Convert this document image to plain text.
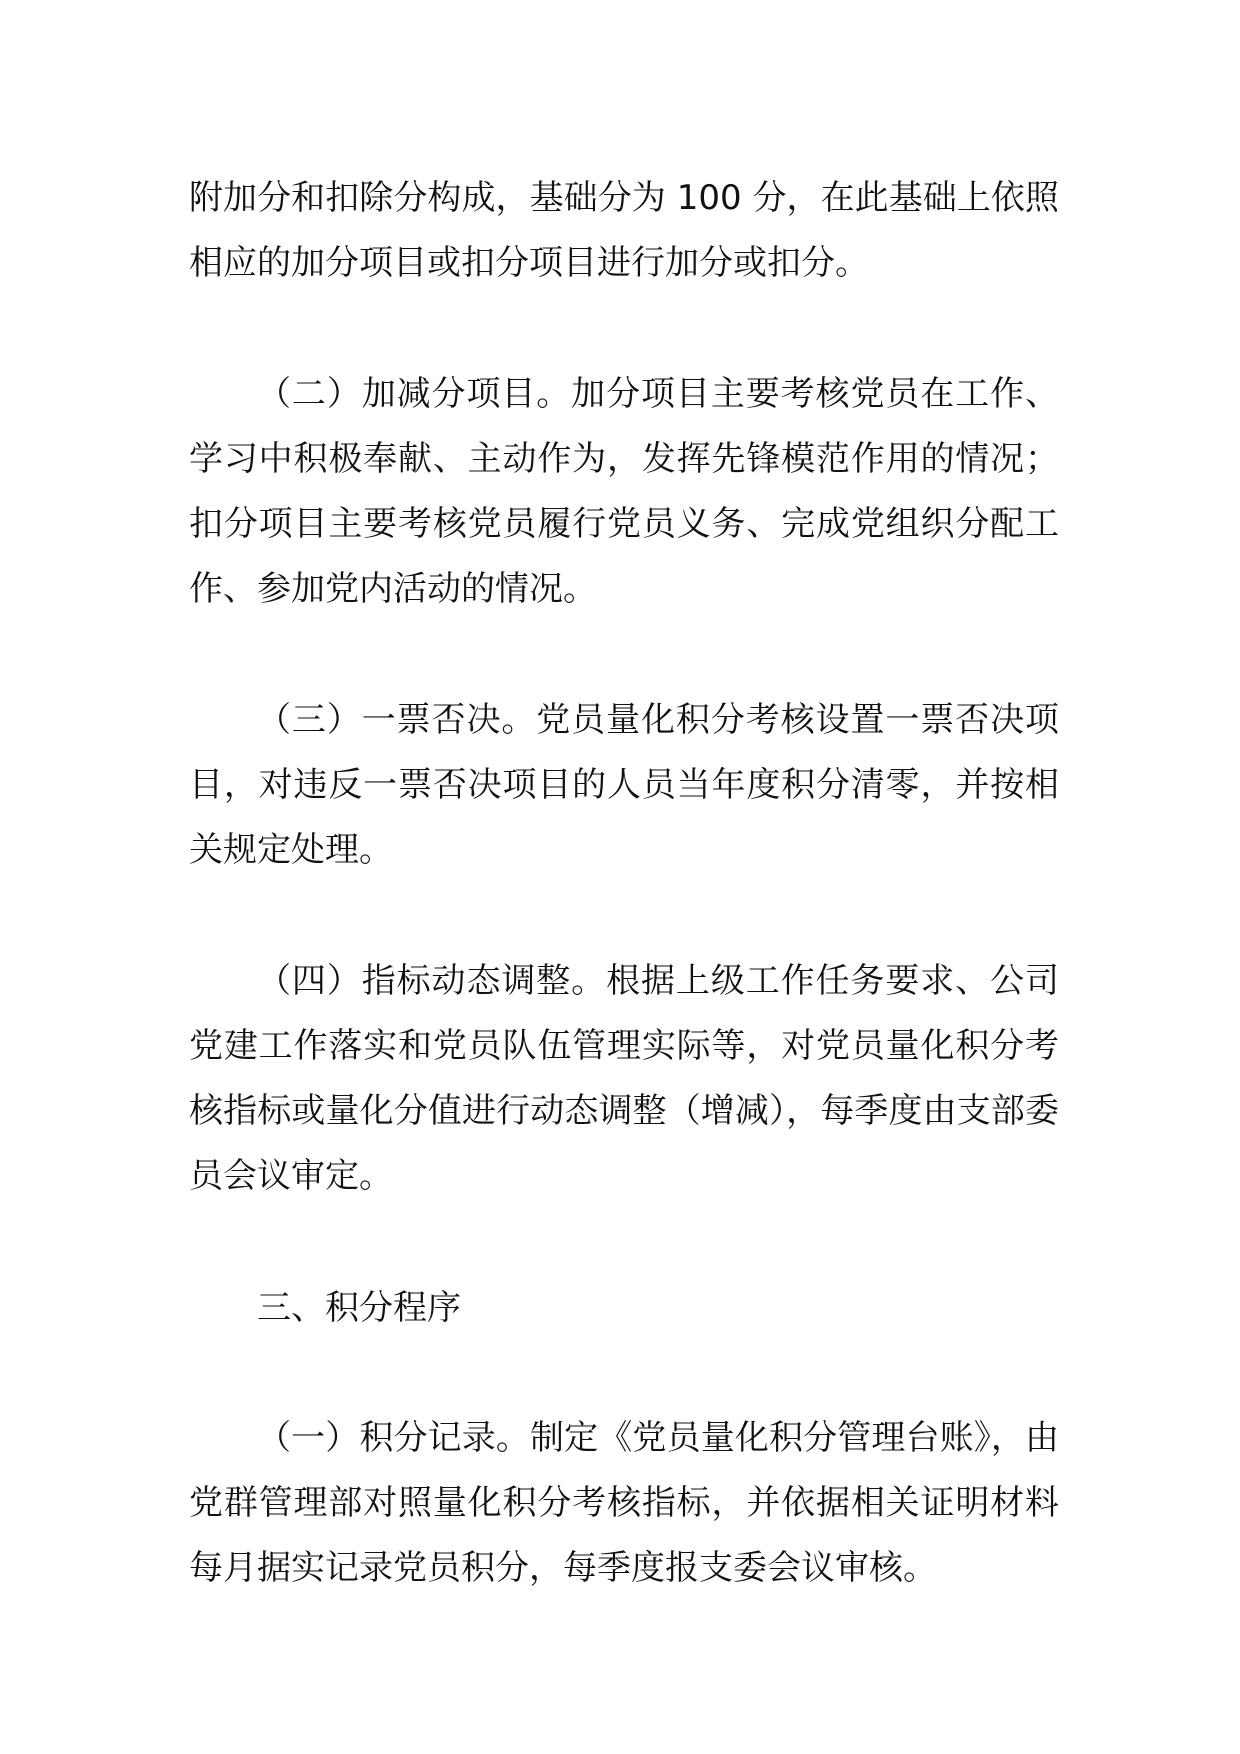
附加分和扣除分构成，基础分为 100 分，在此基础上依照相应的加分项目或扣分项目进行加分或扣分。

（二）加减分项目。加分项目主要考核党员在工作、学习中积极奉献、主动作为，发挥先锋模范作用的情况；扣分项目主要考核党员履行党员义务、完成党组织分配工作、参加党内活动的情况。

（三）一票否决。党员量化积分考核设置一票否决项目，对违反一票否决项目的人员当年度积分清零，并按相关规定处理。

（四）指标动态调整。根据上级工作任务要求、公司党建工作落实和党员队伍管理实际等，对党员量化积分考核指标或量化分值进行动态调整（增减），每季度由支部委员会议审定。

三、积分程序

（一）积分记录。制定《党员量化积分管理台账》，由党群管理部对照量化积分考核指标，并依据相关证明材料每月据实记录党员积分，每季度报支委会议审核。
